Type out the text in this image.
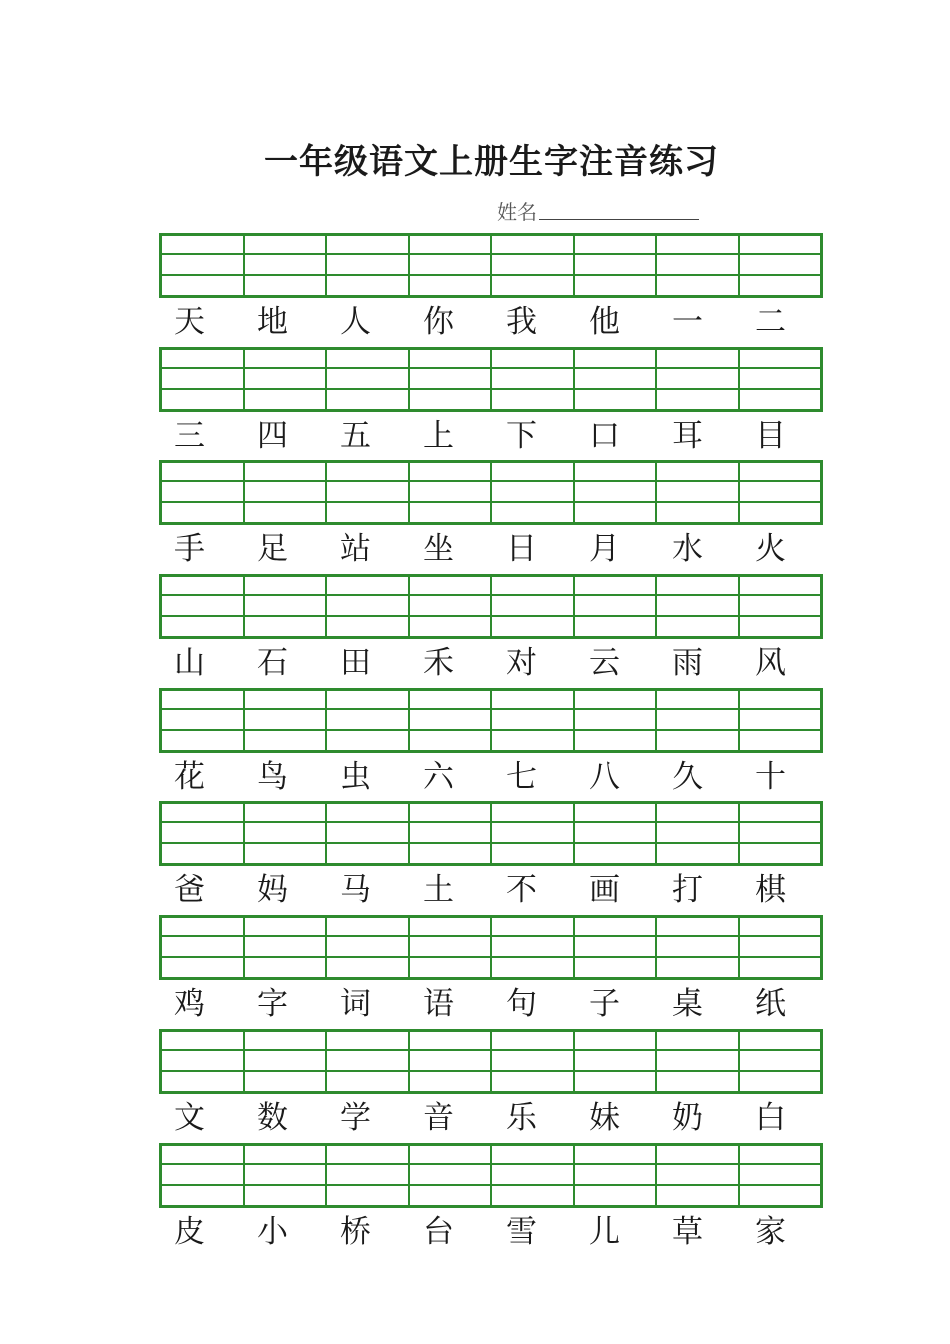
一年级语文上册生字注音练习
姓名
天	地	人	你	我	他	一	二
三	四	五	上	下	口	耳	目
手	足	站	坐	日	月	水	火
山	石	田	禾	对	云	雨	风
花	鸟	虫	六	七	八	久	十
爸	妈	马	土	不	画	打	棋
鸡	字	词	语	句	子	桌	纸
文	数	学	音	乐	妹	奶	白
皮	小	桥	台	雪	儿	草	家
